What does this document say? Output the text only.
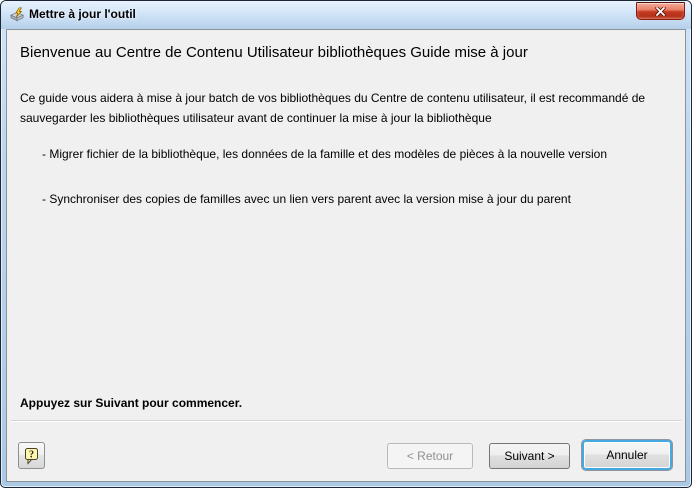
Mettre à jour l'outil
Bienvenue au Centre de Contenu Utilisateur bibliothèques Guide mise à jour
Ce guide vous aidera à mise à jour batch de vos bibliothèques du Centre de contenu utilisateur, il est recommandé de
sauvegarder les bibliothèques utilisateur avant de continuer la mise à jour la bibliothèque
- Migrer fichier de la bibliothèque, les données de la famille et des modèles de pièces à la nouvelle version
- Synchroniser des copies de familles avec un lien vers parent avec la version mise à jour du parent
Appuyez sur Suivant pour commencer.
?	< Retour	Suivant >	Annuler
